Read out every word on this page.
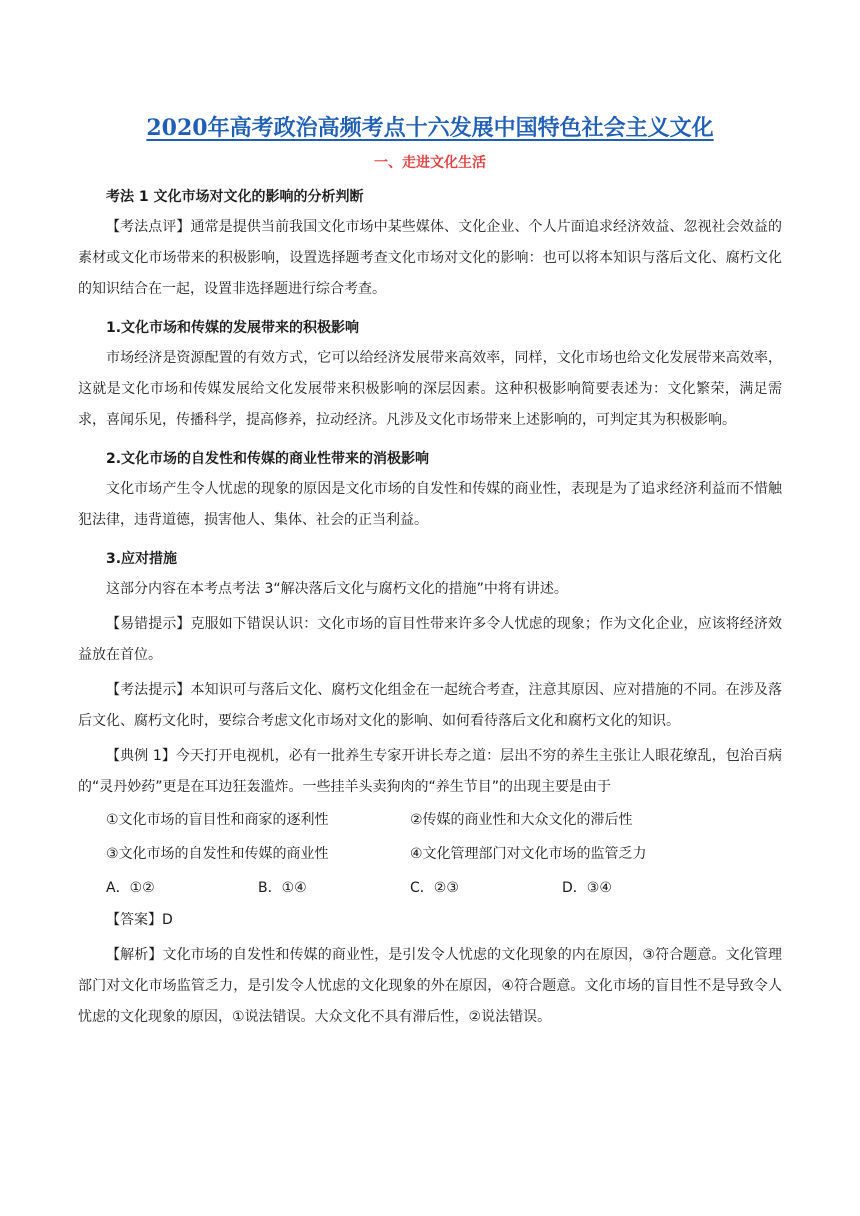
2020年高考政治高频考点十六发展中国特色社会主义文化
一、走进文化生活
考法 1 文化市场对文化的影响的分析判断

【考法点评】通常是提供当前我国文化市场中某些媒体、文化企业、个人片面追求经济效益、忽视社会效益的素材或文化市场带来的积极影响，设置选择题考查文化市场对文化的影响：也可以将本知识与落后文化、腐朽文化的知识结合在一起，设置非选择题进行综合考查。

1.文化市场和传媒的发展带来的积极影响

市场经济是资源配置的有效方式，它可以给经济发展带来高效率，同样，文化市场也给文化发展带来高效率，这就是文化市场和传媒发展给文化发展带来积极影响的深层因素。这种积极影响简要表述为：文化繁荣，满足需求，喜闻乐见，传播科学，提高修养，拉动经济。凡涉及文化市场带来上述影响的，可判定其为积极影响。

2.文化市场的自发性和传媒的商业性带来的消极影响

文化市场产生令人忧虑的现象的原因是文化市场的自发性和传媒的商业性，表现是为了追求经济利益而不惜触犯法律，违背道德，损害他人、集体、社会的正当利益。

3.应对措施

这部分内容在本考点考法 3“解决落后文化与腐朽文化的措施”中将有讲述。

【易错提示】克服如下错误认识：文化市场的盲目性带来许多令人忧虑的现象；作为文化企业，应该将经济效益放在首位。

【考法提示】本知识可与落后文化、腐朽文化组金在一起统合考查，注意其原因、应对措施的不同。在涉及落后文化、腐朽文化时，要综合考虑文化市场对文化的影响、如何看待落后文化和腐朽文化的知识。

【典例 1】今天打开电视机，必有一批养生专家开讲长寿之道：层出不穷的养生主张让人眼花缭乱，包治百病的“灵丹妙药”更是在耳边狂轰滥炸。一些挂羊头卖狗肉的“养生节目”的出现主要是由于

①文化市场的盲目性和商家的逐利性	②传媒的商业性和大众文化的滞后性
③文化市场的自发性和传媒的商业性	④文化管理部门对文化市场的监管乏力
A．①②	B．①④	C．②③	D．③④

【答案】D

【解析】文化市场的自发性和传媒的商业性，是引发令人忧虑的文化现象的内在原因，③符合题意。文化管理部门对文化市场监管乏力，是引发令人忧虑的文化现象的外在原因，④符合题意。文化市场的盲目性不是导致令人忧虑的文化现象的原因，①说法错误。大众文化不具有滞后性，②说法错误。
